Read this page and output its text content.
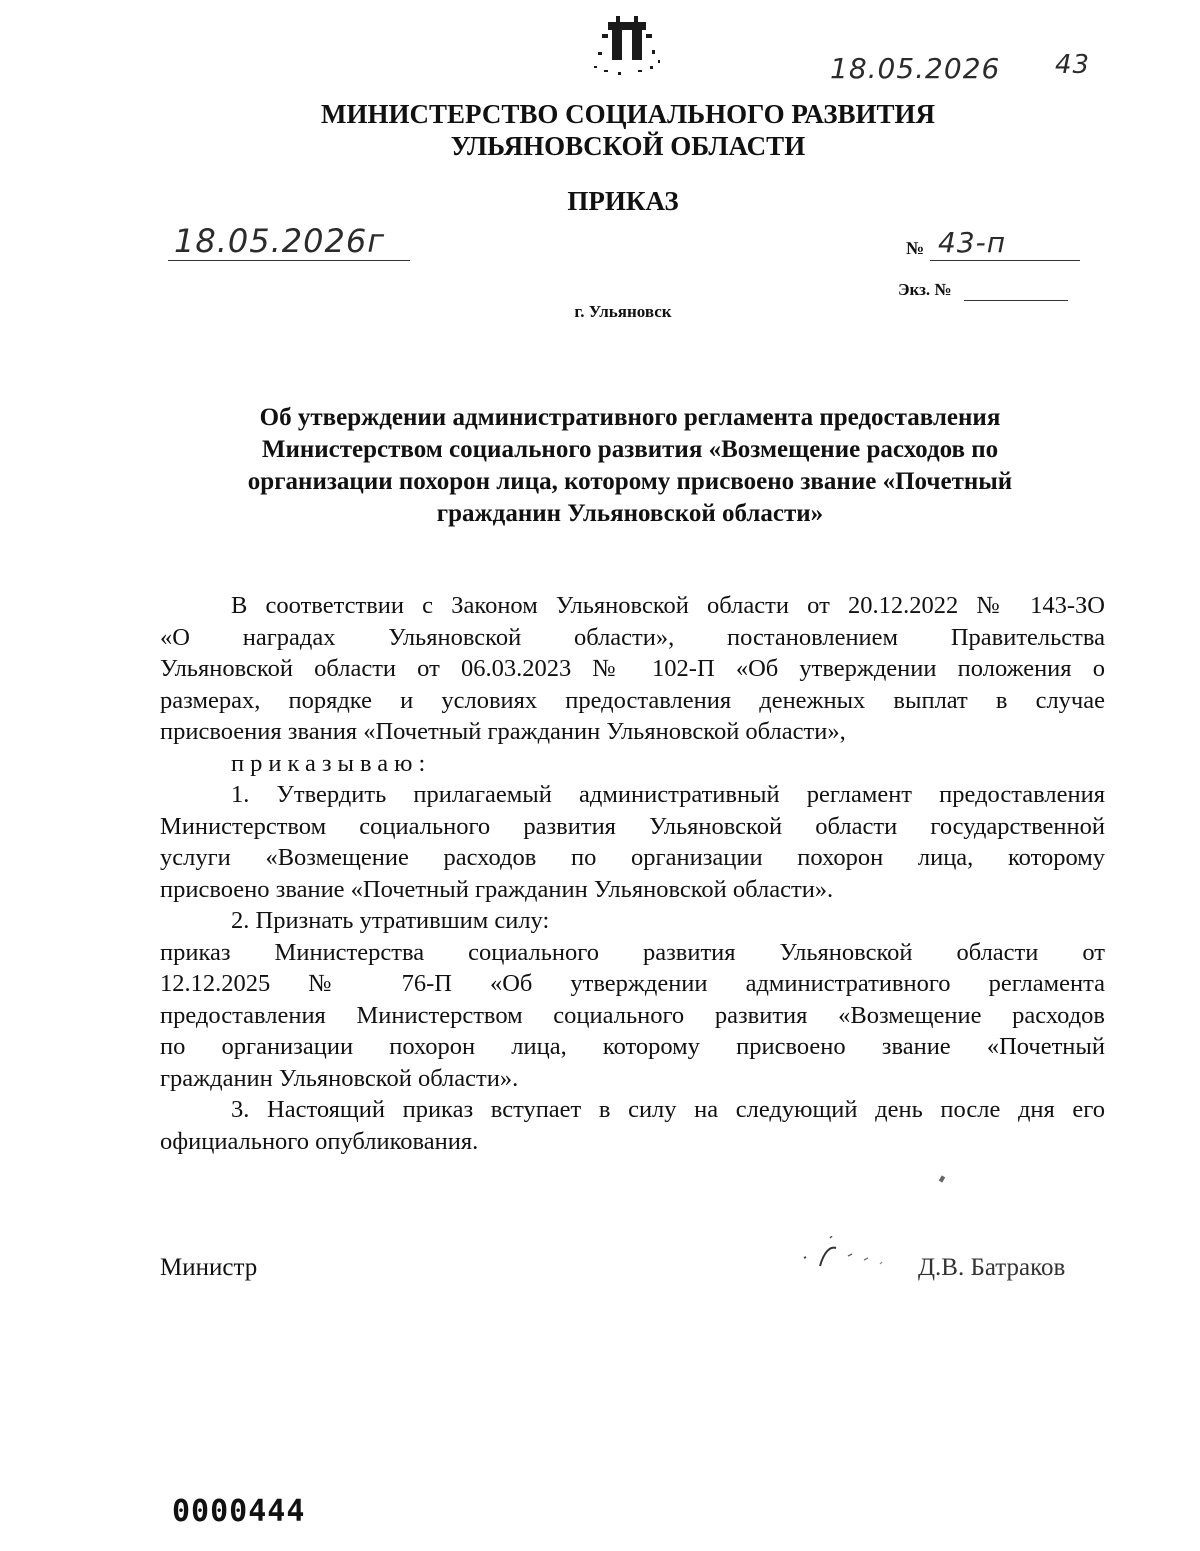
18.05.2026 43
МИНИСТЕРСТВО СОЦИАЛЬНОГО РАЗВИТИЯ
УЛЬЯНОВСКОЙ ОБЛАСТИ
ПРИКАЗ
18.05.2026г	№ 43-п
Экз. №
г. Ульяновск
Об утверждении административного регламента предоставления
Министерством социального развития «Возмещение расходов по
организации похорон лица, которому присвоено звание «Почетный
гражданин Ульяновской области»
В соответствии с Законом Ульяновской области от 20.12.2022 № 143-ЗО
«О наградах Ульяновской области», постановлением Правительства
Ульяновской области от 06.03.2023 № 102-П «Об утверждении положения о
размерах, порядке и условиях предоставления денежных выплат в случае
присвоения звания «Почетный гражданин Ульяновской области»,
приказываю:
1. Утвердить прилагаемый административный регламент предоставления
Министерством социального развития Ульяновской области государственной
услуги «Возмещение расходов по организации похорон лица, которому
присвоено звание «Почетный гражданин Ульяновской области».
2. Признать утратившим силу:
приказ Министерства социального развития Ульяновской области от
12.12.2025 № 76-П «Об утверждении административного регламента
предоставления Министерством социального развития «Возмещение расходов
по организации похорон лица, которому присвоено звание «Почетный
гражданин Ульяновской области».
3. Настоящий приказ вступает в силу на следующий день после дня его
официального опубликования.
Министр	Д.В. Батраков
0000444
